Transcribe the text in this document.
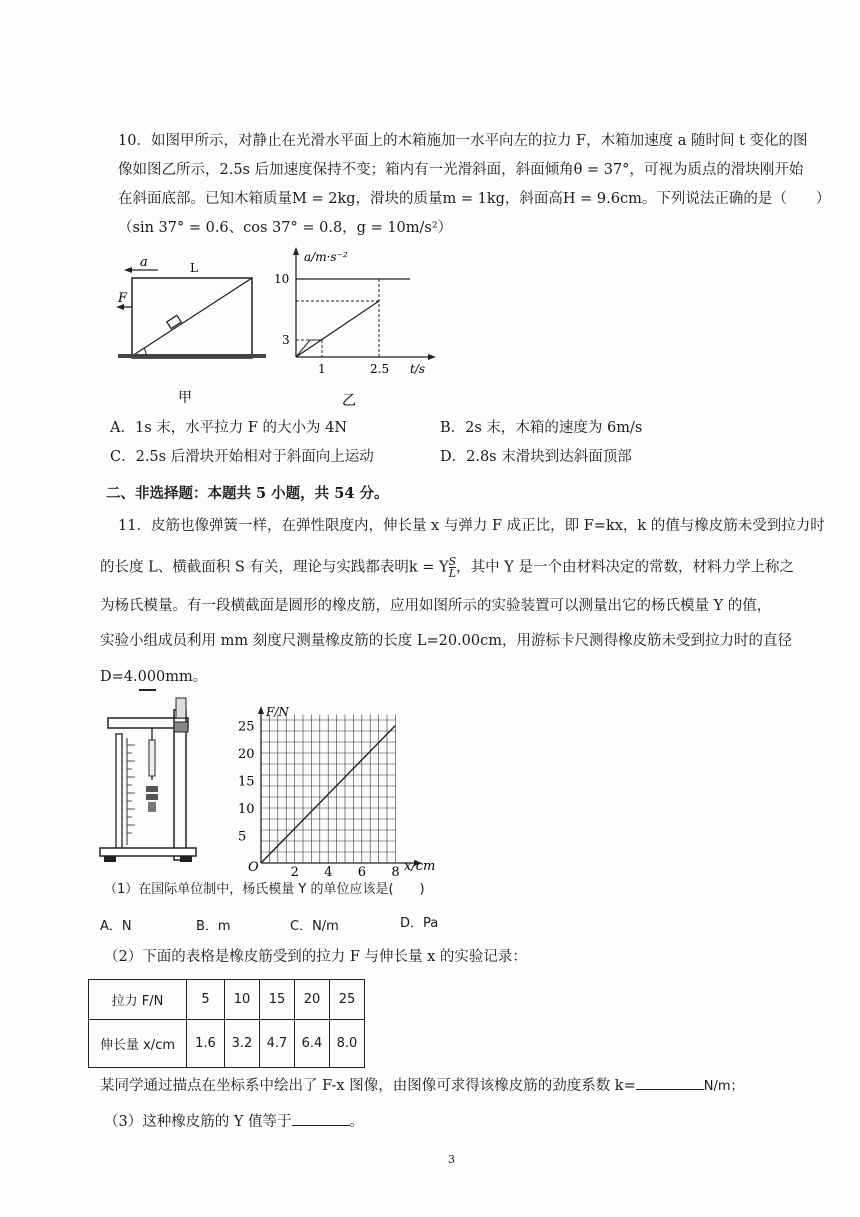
10．如图甲所示，对静止在光滑水平面上的木箱施加一水平向左的拉力 F，木箱加速度 a 随时间 t 变化的图
像如图乙所示，2.5s 后加速度保持不变；箱内有一光滑斜面，斜面倾角θ = 37°，可视为质点的滑块刚开始
在斜面底部。已知木箱质量M = 2kg，滑块的质量m = 1kg，斜面高H = 9.6cm。下列说法正确的是（　　）
（sin 37° = 0.6、cos 37° = 0.8，g = 10m/s²）
a	L
F
甲
a/m·s⁻²
10
3
1	2.5 t/s
乙
A．1s 末，水平拉力 F 的大小为 4N	B．2s 末，木箱的速度为 6m/s
C．2.5s 后滑块开始相对于斜面向上运动	D．2.8s 末滑块到达斜面顶部
二、非选择题：本题共 5 小题，共 54 分。
11．皮筋也像弹簧一样，在弹性限度内，伸长量 x 与弹力 F 成正比，即 F=kx，k 的值与橡皮筋未受到拉力时
的长度 L、横截面积 S 有关，理论与实践都表明k = Y $\frac{S}{L}$ ，其中 Y 是一个由材料决定的常数，材料力学上称之
为杨氏模量。有一段横截面是圆形的橡皮筋，应用如图所示的实验装置可以测量出它的杨氏模量 Y 的值，
实验小组成员利用 mm 刻度尺测量橡皮筋的长度 L=20.00cm，用游标卡尺测得橡皮筋未受到拉力时的直径
D=4.000mm。
F/N
x/cm
O
5
10
15
20
25
2 4 6 8
（1）在国际单位制中，杨氏模量 Y 的单位应该是(　　)
A．N	B．m	C．N/m	D．Pa
（2）下面的表格是橡皮筋受到的拉力 F 与伸长量 x 的实验记录：
拉力 F/N	5	10	15	20	25
伸长量 x/cm	1.6	3.2	4.7	6.4	8.0
某同学通过描点在坐标系中绘出了 F-x 图像，由图像可求得该橡皮筋的劲度系数 k=	N/m；
（3）这种橡皮筋的 Y 值等于	。
3
